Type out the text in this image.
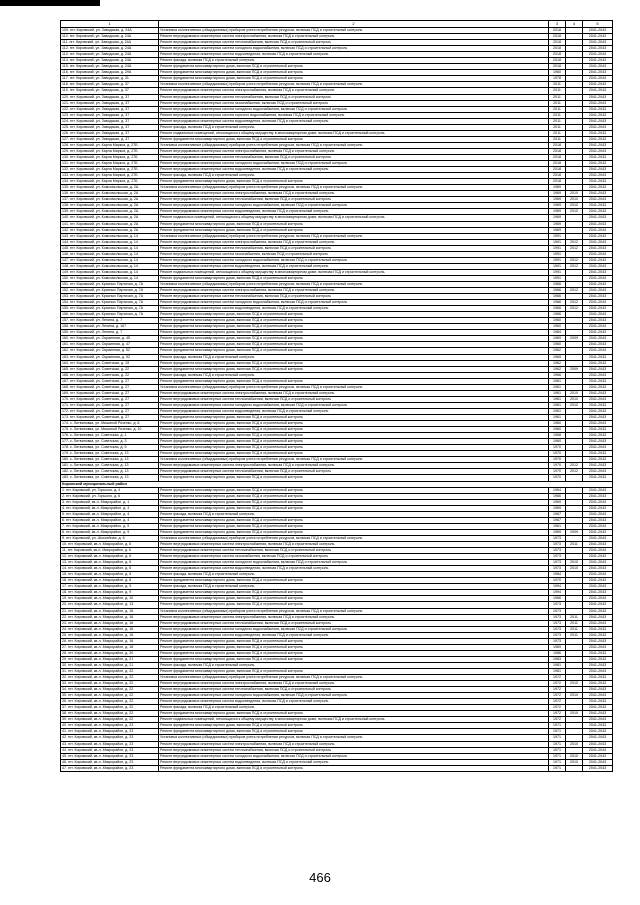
1	2	3	4	5
109. пгт. Кировский, ул. Заводская, д. 24А	Установка коллективных (общедомовых) приборов учета потребления ресурсов, включая ПСД и строительный контроль	2018		2041-2043
110. пгт. Кировский, ул. Заводская, д. 24А	Ремонт внутридомовых инженерных систем электроснабжения, включая ПСД и строительный контроль	2018		2041-2043
111. пгт. Кировский, ул. Заводская, д. 24А	Ремонт внутридомовых инженерных систем теплоснабжения, включая ПСД и строительный контроль	2018		2041-2043
112. пгт. Кировский, ул. Заводская, д. 24А	Ремонт внутридомовых инженерных систем холодного водоснабжения, включая ПСД и строительный контроль	2018		2041-2043
113. пгт. Кировский, ул. Заводская, д. 24А	Ремонт внутридомовых инженерных систем водоотведения, включая ПСД и строительный контроль	2018		2041-2043
114. пгт. Кировский, ул. Заводская, д. 24А	Ремонт фасада, включая ПСД и строительный контроль	2018		2041-2043
115. пгт. Кировский, ул. Заводская, д. 24А	Ремонт фундамента многоквартирного дома, включая ПСД и строительный контроль	2018		2041-2043
116. пгт. Кировский, ул. Заводская, д. 29А	Ремонт фундамента многоквартирного дома, включая ПСД и строительный контроль	1960		2041-2043
117. пгт. Кировский, ул. Заводская, д. 31	Ремонт фундамента многоквартирного дома, включая ПСД и строительный контроль	1978		2041-2043
118. пгт. Кировский, ул. Заводская, д. 37	Установка коллективных (общедомовых) приборов учета потребления ресурсов, включая ПСД и строительный контроль	2011		2041-2043
119. пгт. Кировский, ул. Заводская, д. 37	Ремонт внутридомовых инженерных систем электроснабжения, включая ПСД и строительный контроль	2011		2041-2043
120. пгт. Кировский, ул. Заводская, д. 37	Ремонт внутридомовых инженерных систем теплоснабжения, включая ПСД и строительный контроль	2011		2041-2043
121. пгт. Кировский, ул. Заводская, д. 37	Ремонт внутридомовых инженерных систем газоснабжения, включая ПСД и строительный контроль	2011		2041-2043
122. пгт. Кировский, ул. Заводская, д. 37	Ремонт внутридомовых инженерных систем холодного водоснабжения, включая ПСД и строительный контроль	2011		2041-2043
123. пгт. Кировский, ул. Заводская, д. 37	Ремонт внутридомовых инженерных систем горячего водоснабжения, включая ПСД и строительный контроль	2011		2041-2043
124. пгт. Кировский, ул. Заводская, д. 37	Ремонт внутридомовых инженерных систем водоотведения, включая ПСД и строительный контроль	2011		2041-2043
125. пгт. Кировский, ул. Заводская, д. 37	Ремонт фасада, включая ПСД и строительный контроль	2011		2041-2043
126. пгт. Кировский, ул. Заводская, д. 37	Ремонт подвальных помещений, относящихся к общему имуществу в многоквартирном доме, включая ПСД и строительный контроль	2011		2041-2043
127. пгт. Кировский, ул. Заводская, д. 37	Ремонт фундамента многоквартирного дома, включая ПСД и строительный контроль	2011		2041-2043
128. пгт. Кировский, ул. Карла Маркса, д. 27Б	Установка коллективных (общедомовых) приборов учета потребления ресурсов, включая ПСД и строительный контроль	2018		2041-2043
129. пгт. Кировский, ул. Карла Маркса, д. 27Б	Ремонт внутридомовых инженерных систем электроснабжения, включая ПСД и строительный контроль	2018		2041-2043
130. пгт. Кировский, ул. Карла Маркса, д. 27Б	Ремонт внутридомовых инженерных систем теплоснабжения, включая ПСД и строительный контроль	2018		2041-2043
131. пгт. Кировский, ул. Карла Маркса, д. 27Б	Ремонт внутридомовых инженерных систем холодного водоснабжения, включая ПСД и строительный контроль	2018		2041-2043
132. пгт. Кировский, ул. Карла Маркса, д. 27Б	Ремонт внутридомовых инженерных систем водоотведения, включая ПСД и строительный контроль	2018		2041-2043
133. пгт. Кировский, ул. Карла Маркса, д. 27Б	Ремонт фасада, включая ПСД и строительный контроль	2018		2041-2043
134. пгт. Кировский, ул. Карла Маркса, д. 27Б	Ремонт фундамента многоквартирного дома, включая ПСД и строительный контроль	2018		2041-2043
135. пгт. Кировский, ул. Комсомольская, д. 2А	Установка коллективных (общедомовых) приборов учета потребления ресурсов, включая ПСД и строительный контроль	1969		2041-2043
136. пгт. Кировский, ул. Комсомольская, д. 2А	Ремонт внутридомовых инженерных систем электроснабжения, включая ПСД и строительный контроль	1969	2010	2041-2043
137. пгт. Кировский, ул. Комсомольская, д. 2А	Ремонт внутридомовых инженерных систем теплоснабжения, включая ПСД и строительный контроль	1969	2010	2041-2043
138. пгт. Кировский, ул. Комсомольская, д. 2А	Ремонт внутридомовых инженерных систем холодного водоснабжения, включая ПСД и строительный контроль	1969	2010	2041-2043
139. пгт. Кировский, ул. Комсомольская, д. 2А	Ремонт внутридомовых инженерных систем водоотведения, включая ПСД и строительный контроль	1969	2010	2041-2043
140. пгт. Кировский, ул. Комсомольская, д. 2А	Ремонт подвальных помещений, относящихся к общему имуществу в многоквартирном доме, включая ПСД и строительный контроль	1969		2041-2043
141. пгт. Кировский, ул. Комсомольская, д. 2А	Ремонт фундамента многоквартирного дома, включая ПСД и строительный контроль	1969		2041-2043
142. пгт. Кировский, ул. Комсомольская, д. 2А	Ремонт фундамента многоквартирного дома, включая ПСД и строительный контроль	1969		2041-2043
143. пгт. Кировский, ул. Комсомольская, д. 14	Установка коллективных (общедомовых) приборов учета потребления ресурсов, включая ПСД и строительный контроль	1991		2041-2043
144. пгт. Кировский, ул. Комсомольская, д. 14	Ремонт внутридомовых инженерных систем электроснабжения, включая ПСД и строительный контроль	1991	2012	2041-2043
145. пгт. Кировский, ул. Комсомольская, д. 14	Ремонт внутридомовых инженерных систем теплоснабжения, включая ПСД и строительный контроль	1991	2012	2041-2043
146. пгт. Кировский, ул. Комсомольская, д. 14	Ремонт внутридомовых инженерных систем газоснабжения, включая ПСД и строительный контроль	1991		2041-2043
147. пгт. Кировский, ул. Комсомольская, д. 14	Ремонт внутридомовых инженерных систем холодного водоснабжения, включая ПСД и строительный контроль	1991	2012	2041-2043
148. пгт. Кировский, ул. Комсомольская, д. 14	Ремонт внутридомовых инженерных систем водоотведения, включая ПСД и строительный контроль	1991	2012	2041-2043
149. пгт. Кировский, ул. Комсомольская, д. 14	Ремонт подвальных помещений, относящихся к общему имуществу в многоквартирном доме, включая ПСД и строительный контроль	1991		2041-2043
150. пгт. Кировский, ул. Комсомольская, д. 14	Ремонт фундамента многоквартирного дома, включая ПСД и строительный контроль	1991		2041-2043
151. пгт. Кировский, ул. Красных Партизан, д. 7А	Установка коллективных (общедомовых) приборов учета потребления ресурсов, включая ПСД и строительный контроль	1966		2041-2043
152. пгт. Кировский, ул. Красных Партизан, д. 7А	Ремонт внутридомовых инженерных систем электроснабжения, включая ПСД и строительный контроль	1966	2012	2041-2043
153. пгт. Кировский, ул. Красных Партизан, д. 7А	Ремонт внутридомовых инженерных систем теплоснабжения, включая ПСД и строительный контроль	1966		2041-2043
154. пгт. Кировский, ул. Красных Партизан, д. 7А	Ремонт внутридомовых инженерных систем холодного водоснабжения, включая ПСД и строительный контроль	1966	2012	2041-2043
155. пгт. Кировский, ул. Красных Партизан, д. 7А	Ремонт внутридомовых инженерных систем водоотведения, включая ПСД и строительный контроль	1966	2012	2041-2043
156. пгт. Кировский, ул. Красных Партизан, д. 7А	Ремонт фундамента многоквартирного дома, включая ПСД и строительный контроль	1966		2041-2043
157. пгт. Кировский, ул. Ленина, д. 7	Ремонт фундамента многоквартирного дома, включая ПСД и строительный контроль	1960		2041-2043
158. пгт. Кировский, ул. Ленина, д. 167	Ремонт фундамента многоквартирного дома, включая ПСД и строительный контроль	1960		2041-2043
159. пгт. Кировский, ул. Ленина, д. 7	Ремонт фундамента многоквартирного дома, включая ПСД и строительный контроль	1984		2041-2043
160. пгт. Кировский, ул. Окраинная, д. 45	Ремонт фундамента многоквартирного дома, включая ПСД и строительный контроль	1969	2009	2041-2043
161. пгт. Кировский, ул. Окраинная, д. 47	Ремонт фундамента многоквартирного дома, включая ПСД и строительный контроль	1960		2041-2043
162. пгт. Кировский, ул. Окраинная, д. 52	Ремонт фундамента многоквартирного дома, включая ПСД и строительный контроль	1962		2041-2043
163. пгт. Кировский, ул. Окраинная, д. 52	Ремонт фасада, включая ПСД и строительный контроль	1965		2041-2043
164. пгт. Кировский, ул. Советская, д. 19	Ремонт фундамента многоквартирного дома, включая ПСД и строительный контроль	1962		2041-2043
165. пгт. Кировский, ул. Советская, д. 22	Ремонт фундамента многоквартирного дома, включая ПСД и строительный контроль	1962	2009	2041-2043
166. пгт. Кировский, ул. Советская, д. 22	Ремонт фасада, включая ПСД и строительный контроль	1966		2041-2043
167. пгт. Кировский, ул. Советская, д. 27	Ремонт фундамента многоквартирного дома, включая ПСД и строительный контроль	1961		2041-2043
168. пгт. Кировский, ул. Советская, д. 27	Установка коллективных (общедомовых) приборов учета потребления ресурсов, включая ПСД и строительный контроль	1961		2041-2043
169. пгт. Кировский, ул. Советская, д. 27	Ремонт внутридомовых инженерных систем электроснабжения, включая ПСД и строительный контроль	1961	2010	2041-2043
170. пгт. Кировский, ул. Советская, д. 27	Ремонт внутридомовых инженерных систем теплоснабжения, включая ПСД и строительный контроль	1961	2010	2041-2043
171. пгт. Кировский, ул. Советская, д. 27	Ремонт внутридомовых инженерных систем холодного водоснабжения, включая ПСД и строительный контроль	1961	2010	2041-2043
172. пгт. Кировский, ул. Советская, д. 27	Ремонт внутридомовых инженерных систем водоотведения, включая ПСД и строительный контроль	1961		2041-2043
173. пгт. Кировский, ул. Советская, д. 27	Ремонт фундамента многоквартирного дома, включая ПСД и строительный контроль	1961		2041-2043
174. с. Литвиновка, ул. Мишиной Розенко, д. 8	Ремонт фундамента многоквартирного дома, включая ПСД и строительный контроль	1960		2041-2043
175. с. Литвиновка, ул. Мишиной Розенко, д. 10	Ремонт фундамента многоквартирного дома, включая ПСД и строительный контроль	1960		2041-2043
176. с. Литвиновка, ул. Советская, д. 1	Ремонт фундамента многоквартирного дома, включая ПСД и строительный контроль	1968		2041-2043
177. с. Литвиновка, ул. Советская, д. 3	Ремонт фундамента многоквартирного дома, включая ПСД и строительный контроль	1960		2041-2043
178. с. Литвиновка, ул. Советская, д. 5	Ремонт фундамента многоквартирного дома, включая ПСД и строительный контроль	1970		2041-2043
179. с. Литвиновка, ул. Советская, д. 13	Ремонт фундамента многоквартирного дома, включая ПСД и строительный контроль	1970		2041-2043
180. с. Литвиновка, ул. Советская, д. 13	Установка коллективных (общедомовых) приборов учета потребления ресурсов, включая ПСД и строительный контроль	1970		2041-2043
181. с. Литвиновка, ул. Советская, д. 13	Ремонт внутридомовых инженерных систем электроснабжения, включая ПСД и строительный контроль	1970	2012	2041-2043
182. с. Литвиновка, ул. Советская, д. 13	Ремонт внутридомовых инженерных систем теплоснабжения, включая ПСД и строительный контроль	1970	2012	2041-2043
183. с. Литвиновка, ул. Советская, д. 13	Ремонт фундамента многоквартирного дома, включая ПСД и строительный контроль	1970		2041-2043
Кировский муниципальный район				
1. пгт. Кировский, ул. Горького, д. 4	Ремонт фундамента многоквартирного дома, включая ПСД и строительный контроль	1954		2041-2043
2. пгт. Кировский, ул. Горького, д. 6	Ремонт фундамента многоквартирного дома, включая ПСД и строительный контроль	1966		2041-2043
3. пгт. Кировский, кв-л. Микрорайон, д. 1	Ремонт фундамента многоквартирного дома, включая ПСД и строительный контроль	1969		2041-2043
4. пгт. Кировский, кв-л. Микрорайон, д. 3	Ремонт фундамента многоквартирного дома, включая ПСД и строительный контроль	1969		2041-2043
5. пгт. Кировский, кв-л. Микрорайон, д. 4	Ремонт фасада, включая ПСД и строительный контроль	1967		2041-2043
6. пгт. Кировский, кв-л. Микрорайон, д. 4	Ремонт фундамента многоквартирного дома, включая ПСД и строительный контроль	1967		2041-2043
7. пгт. Кировский, кв-л. Микрорайон, д. 5	Ремонт фундамента многоквартирного дома, включая ПСД и строительный контроль	1961		2041-2043
8. пгт. Кировский, кв-л. Микрорайон, д. 5	Ремонт фундамента многоквартирного дома, включая ПСД и строительный контроль	1969	2009	2041-2043
9. пгт. Кировский, ул. Шоссейная, д. 6	Установка коллективных (общедомовых) приборов учета потребления ресурсов, включая ПСД и строительный контроль	1973		2041-2043
10. пгт. Кировский, кв-л. Микрорайон, д. 6	Ремонт внутридомовых инженерных систем электроснабжения, включая ПСД и строительный контроль	1973	2011	2041-2043
11. пгт. Кировский, кв-л. Микрорайон, д. 6	Ремонт внутридомовых инженерных систем теплоснабжения, включая ПСД и строительный контроль	1973		2041-2043
12. пгт. Кировский, кв-л. Микрорайон, д. 6	Ремонт внутридомовых инженерных систем газоснабжения, включая ПСД и строительный контроль	1973		2041-2043
13. пгт. Кировский, кв-л. Микрорайон, д. 6	Ремонт внутридомовых инженерных систем холодного водоснабжения, включая ПСД и строительный контроль	1973	2010	2041-2043
14. пгт. Кировский, кв-л. Микрорайон, д. 6	Ремонт внутридомовых инженерных систем водоотведения, включая ПСД и строительный контроль	1973	2010	2041-2043
15. пгт. Кировский, кв-л. Микрорайон, д. 6	Ремонт фасада, включая ПСД и строительный контроль	1984		2041-2043
16. пгт. Кировский, кв-л. Микрорайон, д. 8	Ремонт фундамента многоквартирного дома, включая ПСД и строительный контроль	1970		2041-2043
17. пгт. Кировский, кв-л. Микрорайон, д. 9	Ремонт фасада, включая ПСД и строительный контроль	1994		2041-2043
18. пгт. Кировский, кв-л. Микрорайон, д. 9	Ремонт фундамента многоквартирного дома, включая ПСД и строительный контроль	1994		2041-2043
19. пгт. Кировский, кв-л. Микрорайон, д. 10	Ремонт фундамента многоквартирного дома, включая ПСД и строительный контроль	1966		2041-2043
20. пгт. Кировский, кв-л. Микрорайон, д. 13	Ремонт фундамента многоквартирного дома, включая ПСД и строительный контроль	1973		2041-2043
21. пгт. Кировский, кв-л. Микрорайон, д. 16	Установка коллективных (общедомовых) приборов учета потребления ресурсов, включая ПСД и строительный контроль	1973		2041-2043
22. пгт. Кировский, кв-л. Микрорайон, д. 16	Ремонт внутридомовых инженерных систем электроснабжения, включая ПСД и строительный контроль	1973	2011	2041-2043
23. пгт. Кировский, кв-л. Микрорайон, д. 16	Ремонт внутридомовых инженерных систем теплоснабжения, включая ПСД и строительный контроль	1973	2011	2041-2043
24. пгт. Кировский, кв-л. Микрорайон, д. 16	Ремонт внутридомовых инженерных систем холодного водоснабжения, включая ПСД и строительный контроль	1973	2011	2041-2043
25. пгт. Кировский, кв-л. Микрорайон, д. 16	Ремонт внутридомовых инженерных систем водоотведения, включая ПСД и строительный контроль	1973	2011	2041-2043
26. пгт. Кировский, кв-л. Микрорайон, д. 16	Ремонт фундамента многоквартирного дома, включая ПСД и строительный контроль	1973		2041-2043
27. пгт. Кировский, кв-л. Микрорайон, д. 18	Ремонт фундамента многоквартирного дома, включая ПСД и строительный контроль	1969		2041-2043
28. пгт. Кировский, кв-л. Микрорайон, д. 20	Ремонт фундамента многоквартирного дома, включая ПСД и строительный контроль	1986		2041-2043
29. пгт. Кировский, кв-л. Микрорайон, д. 21	Ремонт фундамента многоквартирного дома, включая ПСД и строительный контроль	1983		2041-2043
30. пгт. Кировский, кв-л. Микрорайон, д. 21	Ремонт фасада, включая ПСД и строительный контроль	1981		2041-2043
31. пгт. Кировский, кв-л. Микрорайон, д. 22	Ремонт фундамента многоквартирного дома, включая ПСД и строительный контроль	1981		2041-2043
32. пгт. Кировский, кв-л. Микрорайон, д. 22	Установка коллективных (общедомовых) приборов учета потребления ресурсов, включая ПСД и строительный контроль	1972		2041-2043
33. пгт. Кировский, кв-л. Микрорайон, д. 22	Ремонт внутридомовых инженерных систем электроснабжения, включая ПСД и строительный контроль	1972	2010	2041-2043
34. пгт. Кировский, кв-л. Микрорайон, д. 22	Ремонт внутридомовых инженерных систем теплоснабжения, включая ПСД и строительный контроль	1972		2041-2043
35. пгт. Кировский, кв-л. Микрорайон, д. 22	Ремонт внутридомовых инженерных систем холодного водоснабжения, включая ПСД и строительный контроль	1972	2010	2041-2043
36. пгт. Кировский, кв-л. Микрорайон, д. 22	Ремонт внутридомовых инженерных систем водоотведения, включая ПСД и строительный контроль	1972		2041-2043
37. пгт. Кировский, кв-л. Микрорайон, д. 22	Ремонт фасада, включая ПСД и строительный контроль	1972		2041-2043
38. пгт. Кировский, кв-л. Микрорайон, д. 22	Ремонт фундамента многоквартирного дома, включая ПСД и строительный контроль	1972	2010	2041-2043
39. пгт. Кировский, кв-л. Микрорайон, д. 22	Ремонт подвальных помещений, относящихся к общему имуществу в многоквартирном доме, включая ПСД и строительный контроль	1972		2041-2043
40. пгт. Кировский, кв-л. Микрорайон, д. 23	Ремонт фундамента многоквартирного дома, включая ПСД и строительный контроль	1971		2041-2043
41. пгт. Кировский, кв-л. Микрорайон, д. 23	Ремонт фундамента многоквартирного дома, включая ПСД и строительный контроль	1971		2041-2043
42. пгт. Кировский, кв-л. Микрорайон, д. 23	Установка коллективных (общедомовых) приборов учета потребления ресурсов, включая ПСД и строительный контроль	1971		2041-2043
43. пгт. Кировский, кв-л. Микрорайон, д. 23	Ремонт внутридомовых инженерных систем электроснабжения, включая ПСД и строительный контроль	1971	2010	2041-2043
44. пгт. Кировский, кв-л. Микрорайон, д. 23	Ремонт внутридомовых инженерных систем теплоснабжения, включая ПСД и строительный контроль	1971		2041-2043
45. пгт. Кировский, кв-л. Микрорайон, д. 23	Ремонт внутридомовых инженерных систем холодного водоснабжения, включая ПСД и строительный контроль	1971	2010	2041-2043
46. пгт. Кировский, кв-л. Микрорайон, д. 23	Ремонт внутридомовых инженерных систем водоотведения, включая ПСД и строительный контроль	1971	2010	2041-2043
47. пгт. Кировский, кв-л. Микрорайон, д. 23	Ремонт фундамента многоквартирного дома, включая ПСД и строительный контроль	1971		2041-2043
466
